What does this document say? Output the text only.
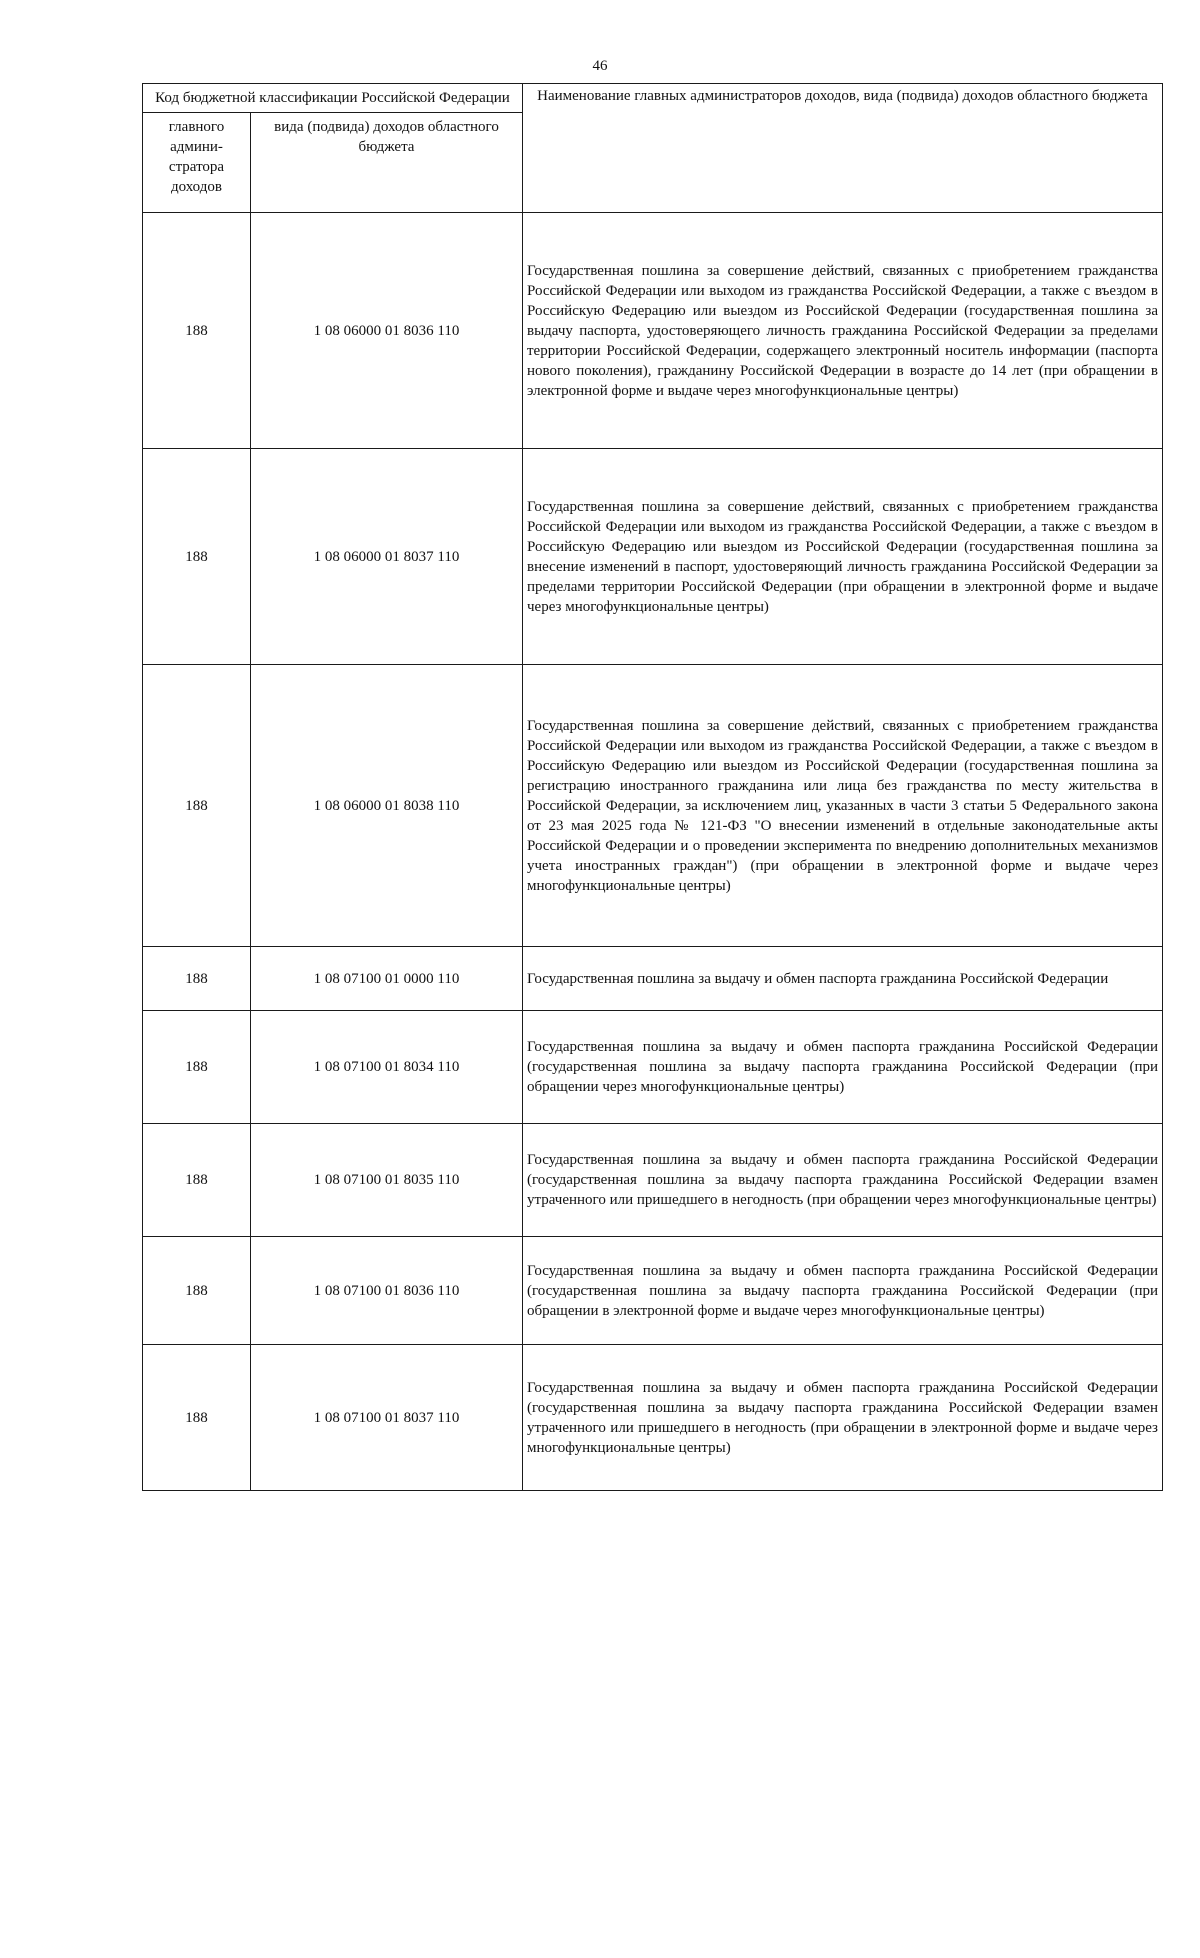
46
Код бюджетной классификации Российской Федерации		Наименование главных администраторов доходов, вида (подвида) доходов областного бюджета
главного админи-стратора доходов	вида (подвида) доходов областного бюджета	
188	1 08 06000 01 8036 110	Государственная пошлина за совершение действий, связанных с приобретением гражданства Российской Федерации или выходом из гражданства Российской Федерации, а также с въездом в Российскую Федерацию или выездом из Российской Федерации (государственная пошлина за выдачу паспорта, удостоверяющего личность гражданина Российской Федерации за пределами территории Российской Федерации, содержащего электронный носитель информации (паспорта нового поколения), гражданину Российской Федерации в возрасте до 14 лет (при обращении в электронной форме и выдаче через многофункциональные центры)
188	1 08 06000 01 8037 110	Государственная пошлина за совершение действий, связанных с приобретением гражданства Российской Федерации или выходом из гражданства Российской Федерации, а также с въездом в Российскую Федерацию или выездом из Российской Федерации (государственная пошлина за внесение изменений в паспорт, удостоверяющий личность гражданина Российской Федерации за пределами территории Российской Федерации (при обращении в электронной форме и выдаче через многофункциональные центры)
188	1 08 06000 01 8038 110	Государственная пошлина за совершение действий, связанных с приобретением гражданства Российской Федерации или выходом из гражданства Российской Федерации, а также с въездом в Российскую Федерацию или выездом из Российской Федерации (государственная пошлина за регистрацию иностранного гражданина или лица без гражданства по месту жительства в Российской Федерации, за исключением лиц, указанных в части 3 статьи 5 Федерального закона от 23 мая 2025 года № 121-ФЗ "О внесении изменений в отдельные законодательные акты Российской Федерации и о проведении эксперимента по внедрению дополнительных механизмов учета иностранных граждан") (при обращении в электронной форме и выдаче через многофункциональные центры)
188	1 08 07100 01 0000 110	Государственная пошлина за выдачу и обмен паспорта гражданина Российской Федерации
188	1 08 07100 01 8034 110	Государственная пошлина за выдачу и обмен паспорта гражданина Российской Федерации (государственная пошлина за выдачу паспорта гражданина Российской Федерации (при обращении через многофункциональные центры)
188	1 08 07100 01 8035 110	Государственная пошлина за выдачу и обмен паспорта гражданина Российской Федерации (государственная пошлина за выдачу паспорта гражданина Российской Федерации взамен утраченного или пришедшего в негодность (при обращении через многофункциональные центры)
188	1 08 07100 01 8036 110	Государственная пошлина за выдачу и обмен паспорта гражданина Российской Федерации (государственная пошлина за выдачу паспорта гражданина Российской Федерации (при обращении в электронной форме и выдаче через многофункциональные центры)
188	1 08 07100 01 8037 110	Государственная пошлина за выдачу и обмен паспорта гражданина Российской Федерации (государственная пошлина за выдачу паспорта гражданина Российской Федерации взамен утраченного или пришедшего в негодность (при обращении в электронной форме и выдаче через многофункциональные центры)
